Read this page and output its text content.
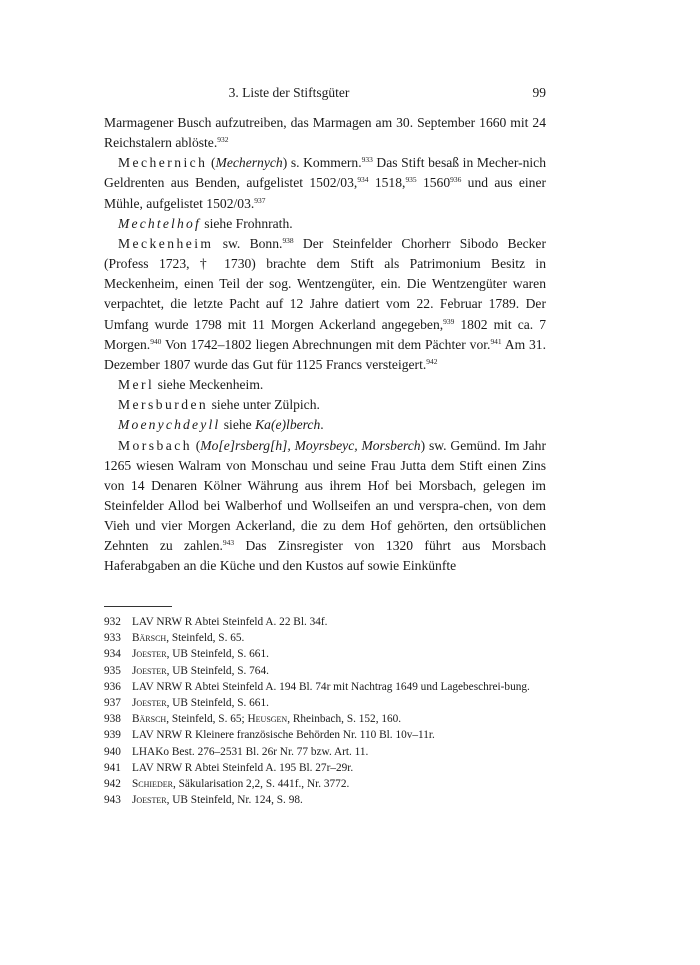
3. Liste der Stiftsgüter	99

Marmagener Busch aufzutreiben, das Marmagen am 30. September 1660 mit 24 Reichstalern ablöste.$^{932}$

Mechernich (Mechernych) s. Kommern.$^{933}$ Das Stift besaß in Mecher-nich Geldrenten aus Benden, aufgelistet 1502/03,$^{934}$ 1518,$^{935}$ 1560$^{936}$ und aus einer Mühle, aufgelistet 1502/03.$^{937}$

Mechtelhof siehe Frohnrath.

Meckenheim sw. Bonn.$^{938}$ Der Steinfelder Chorherr Sibodo Becker (Profess 1723, † 1730) brachte dem Stift als Patrimonium Besitz in Meckenheim, einen Teil der sog. Wentzengüter, ein. Die Wentzengüter waren verpachtet, die letzte Pacht auf 12 Jahre datiert vom 22. Februar 1789. Der Umfang wurde 1798 mit 11 Morgen Ackerland angegeben,$^{939}$ 1802 mit ca. 7 Morgen.$^{940}$ Von 1742–1802 liegen Abrechnungen mit dem Pächter vor.$^{941}$ Am 31. Dezember 1807 wurde das Gut für 1125 Francs versteigert.$^{942}$

Merl siehe Meckenheim.

Mersburden siehe unter Zülpich.

Moenychdeyll siehe Ka(e)lberch.

Morsbach (Mo[e]rsberg[h], Moyrsbeyc, Morsberch) sw. Gemünd. Im Jahr 1265 wiesen Walram von Monschau und seine Frau Jutta dem Stift einen Zins von 14 Denaren Kölner Währung aus ihrem Hof bei Morsbach, gelegen im Steinfelder Allod bei Walberhof und Wollseifen an und verspra-chen, von dem Vieh und vier Morgen Ackerland, die zu dem Hof gehörten, den ortsüblichen Zehnten zu zahlen.$^{943}$ Das Zinsregister von 1320 führt aus Morsbach Haferabgaben an die Küche und den Kustos auf sowie Einkünfte

932 LAV NRW R Abtei Steinfeld A. 22 Bl. 34f.
933 Bärsch, Steinfeld, S. 65.
934 Joester, UB Steinfeld, S. 661.
935 Joester, UB Steinfeld, S. 764.
936 LAV NRW R Abtei Steinfeld A. 194 Bl. 74r mit Nachtrag 1649 und Lagebeschrei-bung.
937 Joester, UB Steinfeld, S. 661.
938 Bärsch, Steinfeld, S. 65; Heusgen, Rheinbach, S. 152, 160.
939 LAV NRW R Kleinere französische Behörden Nr. 110 Bl. 10v–11r.
940 LHAKo Best. 276–2531 Bl. 26r Nr. 77 bzw. Art. 11.
941 LAV NRW R Abtei Steinfeld A. 195 Bl. 27r–29r.
942 Schieder, Säkularisation 2,2, S. 441f., Nr. 3772.
943 Joester, UB Steinfeld, Nr. 124, S. 98.
